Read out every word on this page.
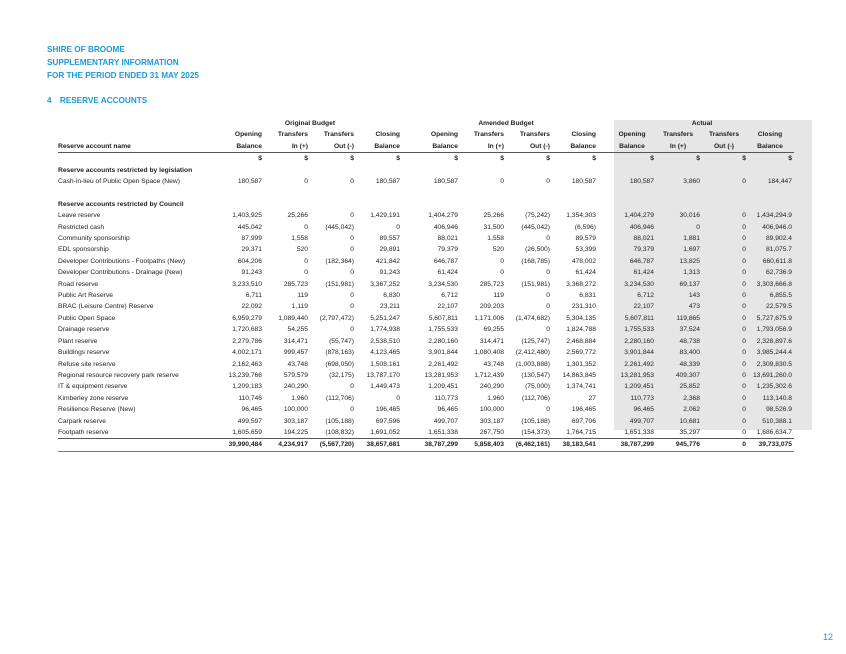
SHIRE OF BROOME
SUPPLEMENTARY INFORMATION
FOR THE PERIOD ENDED 31 MAY 2025
4 RESERVE ACCOUNTS
	Original Budget					Amended Budget					Actual			
	Opening	Transfers	Transfers	Closing		Opening	Transfers	Transfers	Closing		Opening	Transfers	Transfers	Closing
Reserve account name	Balance	In (+)	Out (-)	Balance		Balance	In (+)	Out (-)	Balance		Balance	In (+)	Out (-)	Balance
	$	$	$	$		$	$	$	$		$	$	$	$
Reserve accounts restricted by legislation														
Cash-in-lieu of Public Open Space (New)	180,587	0	0	180,587		180,587	0	0	180,587		180,587	3,860	0	184,447

Reserve accounts restricted by Council														
Leave reserve	1,403,925	25,266	0	1,429,191		1,404,279	25,266	(75,242)	1,354,303		1,404,279	30,016	0	1,434,294.9
Restricted cash	445,042	0	(445,042)	0		406,946	31,500	(445,042)	(6,596)		406,946	0	0	406,946.0
Community sponsorship	87,999	1,558	0	89,557		88,021	1,558	0	89,579		88,021	1,881	0	89,902.4
EDL sponsorship	29,371	520	0	29,891		79,379	520	(26,500)	53,399		79,379	1,697	0	81,075.7
Developer Contributions - Footpaths (New)	604,206	0	(182,364)	421,842		646,787	0	(168,785)	478,002		646,787	13,825	0	660,611.8
Developer Contributions - Drainage (New)	91,243	0	0	91,243		61,424	0	0	61,424		61,424	1,313	0	62,736.9
Road reserve	3,233,510	285,723	(151,981)	3,367,252		3,234,530	285,723	(151,981)	3,368,272		3,234,530	69,137	0	3,303,666.8
Public Art Reserve	6,711	119	0	6,830		6,712	119	0	6,831		6,712	143	0	6,855.5
BRAC (Leisure Centre) Reserve	22,092	1,119	0	23,211		22,107	209,203	0	231,310		22,107	473	0	22,579.5
Public Open Space	6,959,279	1,089,440	(2,797,472)	5,251,247		5,607,811	1,171,006	(1,474,682)	5,304,135		5,607,811	119,865	0	5,727,675.9
Drainage reserve	1,720,683	54,255	0	1,774,938		1,755,533	69,255	0	1,824,788		1,755,533	37,524	0	1,793,056.9
Plant reserve	2,279,786	314,471	(55,747)	2,538,510		2,280,160	314,471	(125,747)	2,468,884		2,280,160	48,738	0	2,328,897.6
Buildings reserve	4,002,171	999,457	(878,163)	4,123,465		3,901,844	1,080,408	(2,412,480)	2,569,772		3,901,844	83,400	0	3,985,244.4
Refuse site reserve	2,162,463	43,748	(698,050)	1,508,161		2,261,492	43,748	(1,003,888)	1,301,352		2,261,492	48,339	0	2,309,830.5
Regional resource recovery park reserve	13,239,766	579,579	(32,175)	13,787,170		13,281,953	1,712,439	(130,547)	14,863,845		13,281,953	409,307	0	13,691,260.0
IT & equipment reserve	1,209,183	240,290	0	1,449,473		1,209,451	240,290	(75,000)	1,374,741		1,209,451	25,852	0	1,235,302.6
Kimberley zone reserve	110,746	1,960	(112,706)	0		110,773	1,960	(112,706)	27		110,773	2,368	0	113,140.8
Resilience Reserve (New)	96,465	100,000	0	196,465		96,465	100,000	0	196,465		96,465	2,062	0	98,526.9
Carpark reserve	499,597	303,187	(105,188)	697,596		499,707	303,187	(105,188)	697,706		499,707	10,681	0	510,388.1
Footpath reserve	1,605,659	194,225	(108,832)	1,691,052		1,651,338	267,750	(154,373)	1,764,715		1,651,338	35,297	0	1,686,634.7
	39,990,484	4,234,917	(5,567,720)	38,657,681		38,787,299	5,858,403	(6,462,161)	38,183,541		38,787,299	945,776	0	39,733,075
12
